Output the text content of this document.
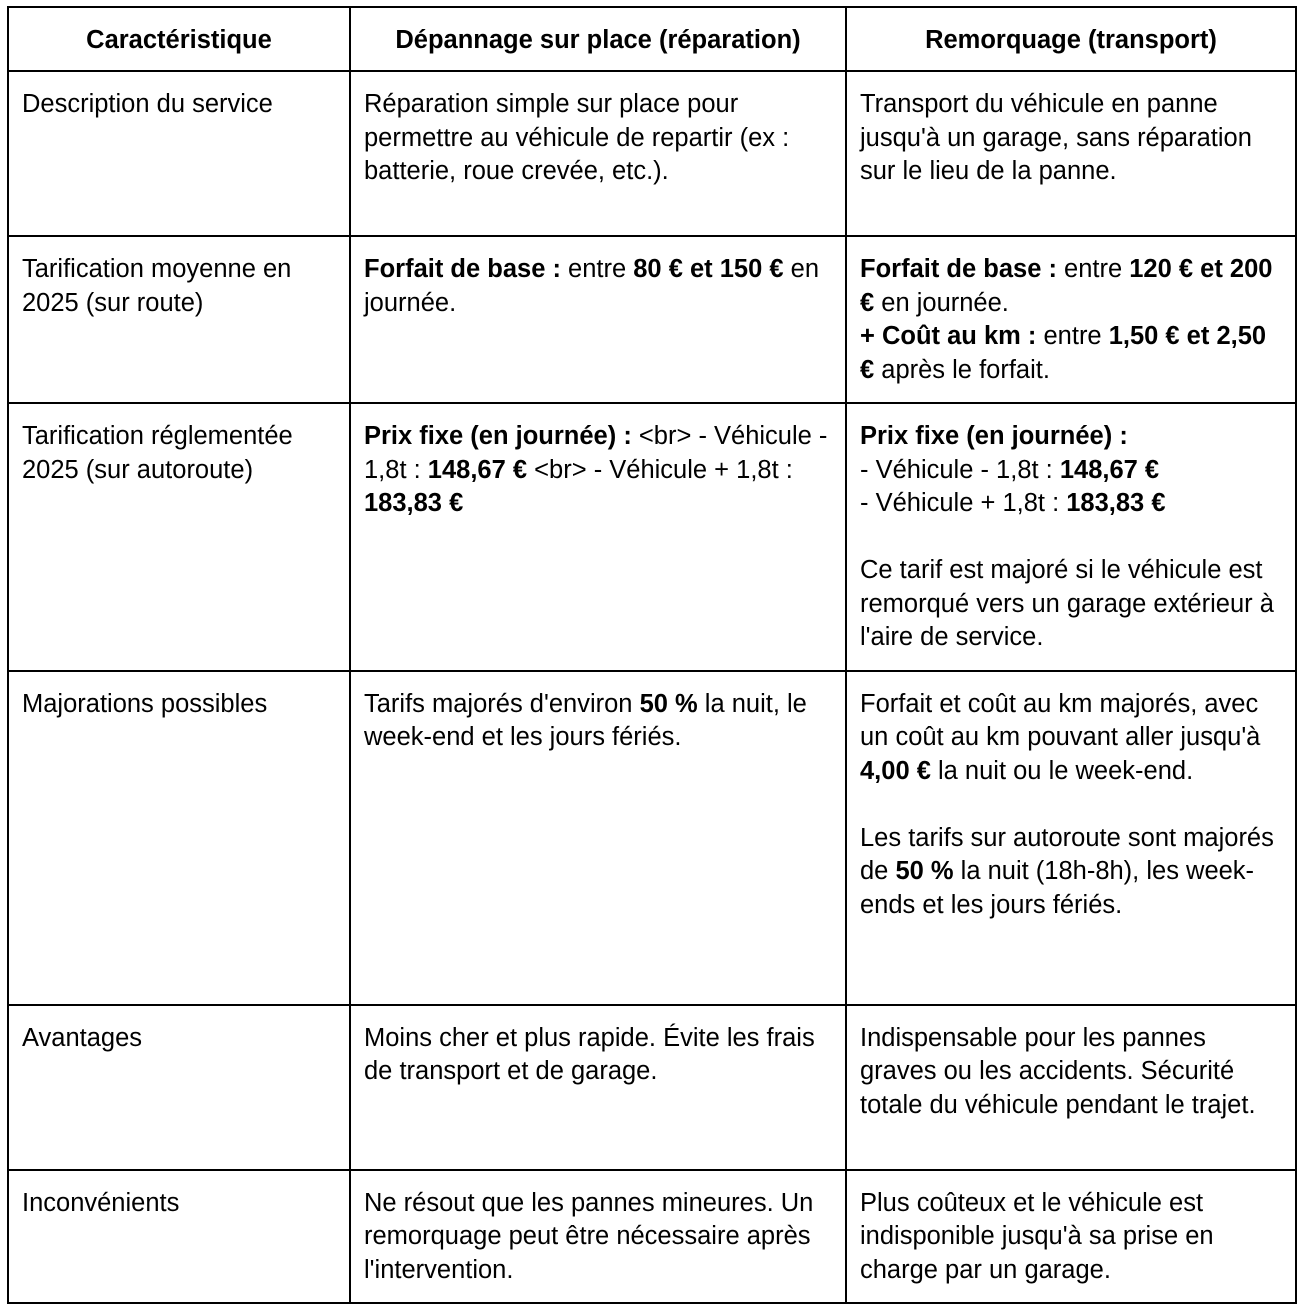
Caractéristique	Dépannage sur place (réparation)	Remorquage (transport)
Description du service	Réparation simple sur place pour permettre au véhicule de repartir (ex : batterie, roue crevée, etc.).	Transport du véhicule en panne jusqu'à un garage, sans réparation sur le lieu de la panne.
Tarification moyenne en 2025 (sur route)	Forfait de base : entre 80 € et 150 € en journée.	Forfait de base : entre 120 € et 200 € en journée.
+ Coût au km : entre 1,50 € et 2,50 € après le forfait.

Tarification réglementée 2025 (sur autoroute)	Prix fixe (en journée) : <br> - Véhicule - 1,8t : 148,67 € <br> - Véhicule + 1,8t : 183,83 €	Prix fixe (en journée) :
- Véhicule - 1,8t : 148,67 €
- Véhicule + 1,8t : 183,83 €
Ce tarif est majoré si le véhicule est remorqué vers un garage extérieur à l'aire de service.

Majorations possibles	Tarifs majorés d'environ 50 % la nuit, le week-end et les jours fériés.	Forfait et coût au km majorés, avec un coût au km pouvant aller jusqu'à 4,00 € la nuit ou le week-end.
Les tarifs sur autoroute sont majorés de 50 % la nuit (18h-8h), les week-ends et les jours fériés.

Avantages	Moins cher et plus rapide. Évite les frais de transport et de garage.	Indispensable pour les pannes graves ou les accidents. Sécurité totale du véhicule pendant le trajet.
Inconvénients	Ne résout que les pannes mineures. Un remorquage peut être nécessaire après l'intervention.	Plus coûteux et le véhicule est indisponible jusqu'à sa prise en charge par un garage.
